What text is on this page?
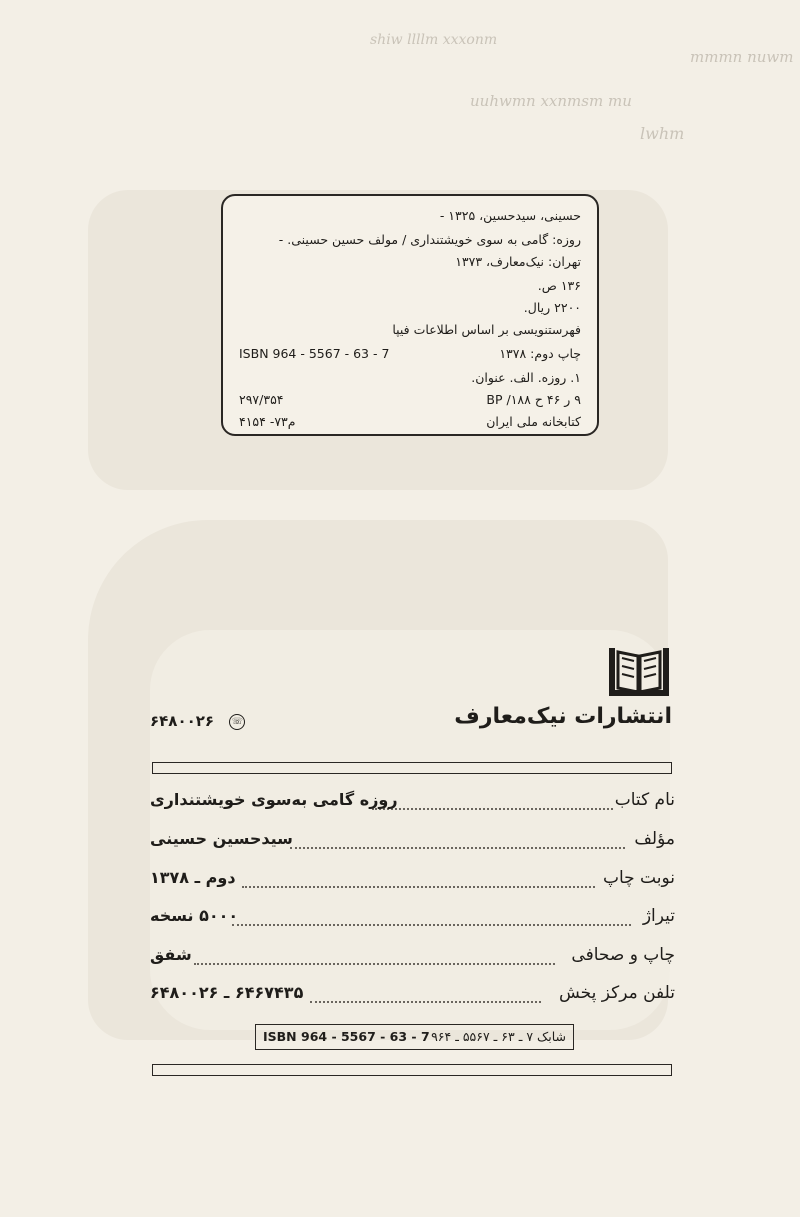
shiw llllm xxxonm
uuhwmn xxnmsm mu
mmmn nuwm
lwhm
حسینی، سیدحسین، ۱۳۲۵ -
روزه: گامی به سوی خویشتنداری / مولف حسین حسینی. -
تهران: نیک‌معارف، ۱۳۷۳
۱۳۶ ص.
۲۲۰۰ ریال.
فهرستنویسی بر اساس اطلاعات فیپا
چاپ دوم: ۱۳۷۸
ISBN 964 - 5567 - 63 - 7
۱. روزه. الف. عنوان.
۹ ر ۴۶ ح ۱۸۸/ BP
۲۹۷/۳۵۴
کتابخانه ملی ایران
۴۱۵۴ -۷۳م
انتشارات نیک‌معارف
۶۴۸۰۰۲۶ ☏
نام کتاب
روزه گامی به‌سوی خویشتنداری
مؤلف
سیدحسین حسینی
نوبت چاپ
دوم ـ ۱۳۷۸
تیراژ
۵۰۰۰ نسخه
چاپ و صحافی
شفق
تلفن مرکز پخش
۶۴۶۷۴۳۵ ـ ۶۴۸۰۰۲۶
ISBN 964 - 5567 - 63 - 7 شابک ۷ ـ ۶۳ ـ ۵۵۶۷ ـ ۹۶۴
